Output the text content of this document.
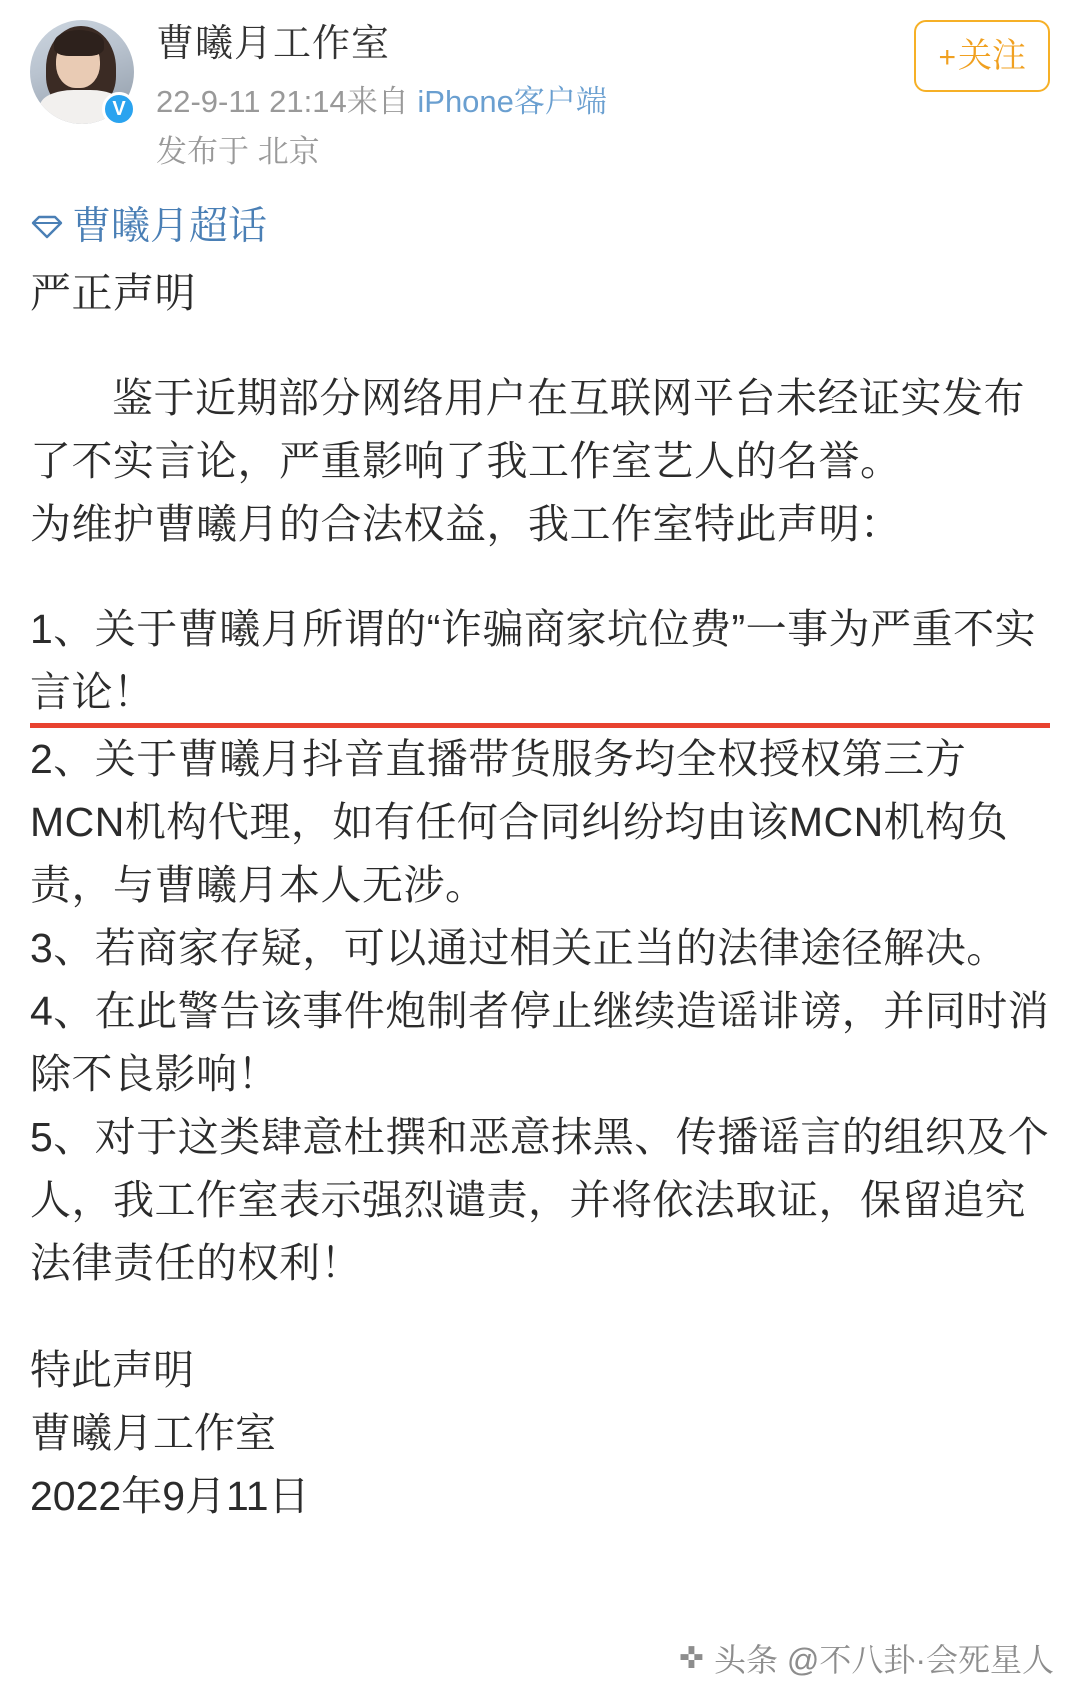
V
曹曦月工作室
22-9-11 21:14来自 iPhone客户端
发布于 北京
+关注
曹曦月超话

严正声明

鉴于近期部分网络用户在互联网平台未经证实发布了不实言论，严重影响了我工作室艺人的名誉。

为维护曹曦月的合法权益，我工作室特此声明：

1、关于曹曦月所谓的“诈骗商家坑位费”一事为严重不实言论！

2、关于曹曦月抖音直播带货服务均全权授权第三方MCN机构代理，如有任何合同纠纷均由该MCN机构负责，与曹曦月本人无涉。

3、若商家存疑，可以通过相关正当的法律途径解决。

4、在此警告该事件炮制者停止继续造谣诽谤，并同时消除不良影响！

5、对于这类肆意杜撰和恶意抹黑、传播谣言的组织及个人，我工作室表示强烈谴责，并将依法取证，保留追究法律责任的权利！

特此声明

曹曦月工作室

2022年9月11日

✜ 头条 @不八卦·会死星人
